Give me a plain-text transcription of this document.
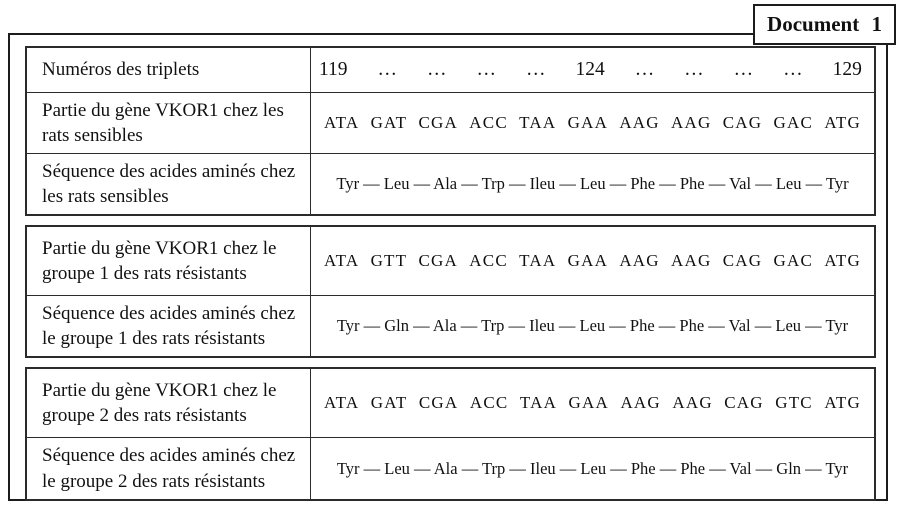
Document 1
Numéros des triplets	119 … … … … 124 … … … … 129
Partie du gène VKOR1 chez les rats sensibles
ATA GAT CGA ACC TAA GAA AAG AAG CAG GAC ATG
Séquence des acides aminés chez les rats sensibles
Tyr — Leu — Ala — Trp — Ileu — Leu — Phe — Phe — Val — Leu — Tyr
Partie du gène VKOR1 chez le groupe 1 des rats résistants
ATA GTT CGA ACC TAA GAA AAG AAG CAG GAC ATG
Séquence des acides aminés chez le groupe 1 des rats résistants
Tyr — Gln — Ala — Trp — Ileu — Leu — Phe — Phe — Val — Leu — Tyr
Partie du gène VKOR1 chez le groupe 2 des rats résistants
ATA GAT CGA ACC TAA GAA AAG AAG CAG GTC ATG
Séquence des acides aminés chez le groupe 2 des rats résistants
Tyr — Leu — Ala — Trp — Ileu — Leu — Phe — Phe — Val — Gln — Tyr
